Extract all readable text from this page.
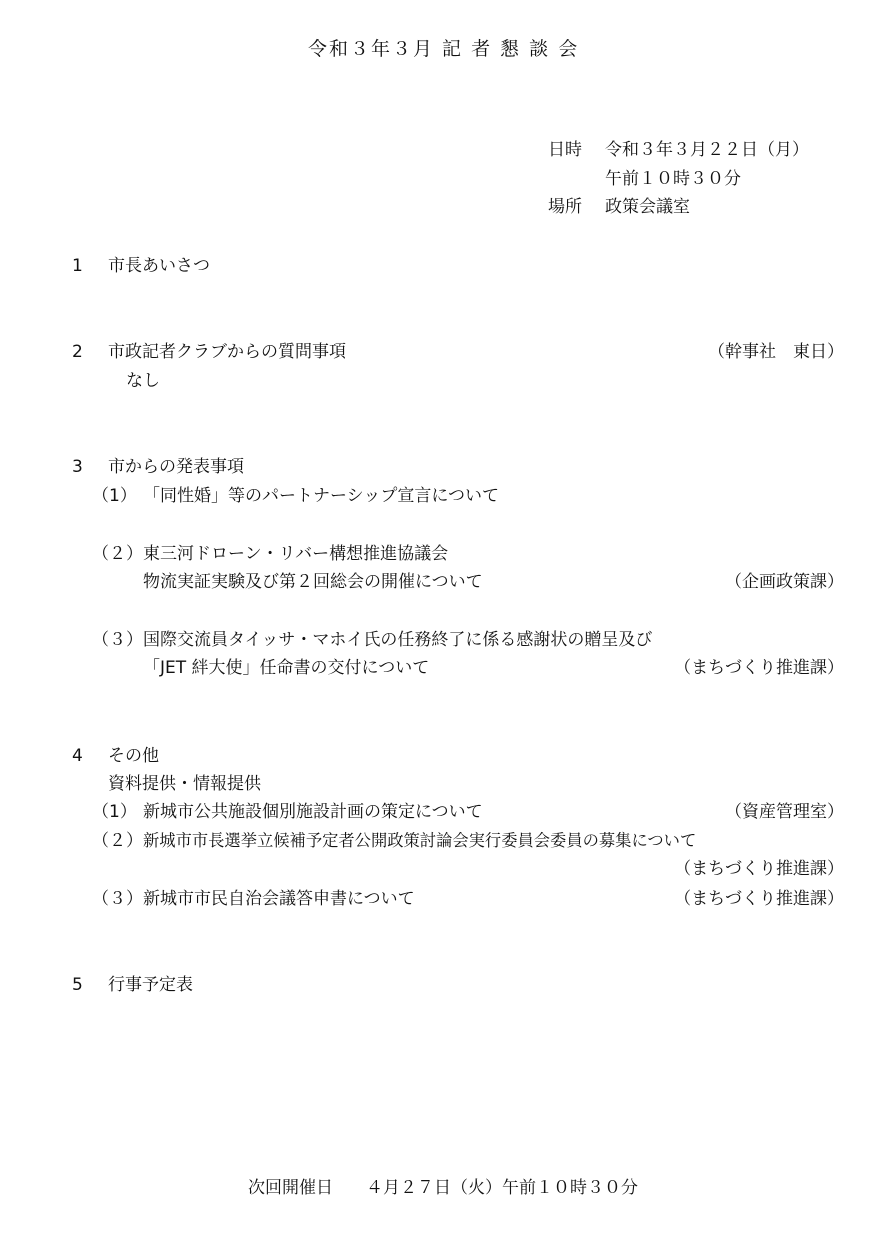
令和３年３月 記 者 懇 談 会
日時 令和３年３月２２日（月）
午前１０時３０分
場所 政策会議室
1 市長あいさつ
2 市政記者クラブからの質問事項	（幹事社　東日）
なし
3 市からの発表事項
（1） 「同性婚」等のパートナーシップ宣言について
（２） 東三河ドローン・リバー構想推進協議会
物流実証実験及び第２回総会の開催について	（企画政策課）
（３） 国際交流員タイッサ・マホイ氏の任務終了に係る感謝状の贈呈及び
「JET 絆大使」任命書の交付について	（まちづくり推進課）
4 その他
資料提供・情報提供
（1） 新城市公共施設個別施設計画の策定について	（資産管理室）
（２） 新城市市長選挙立候補予定者公開政策討論会実行委員会委員の募集について
（まちづくり推進課）
（３） 新城市市民自治会議答申書について	（まちづくり推進課）
5 行事予定表
次回開催日 ４月２７日（火）午前１０時３０分
